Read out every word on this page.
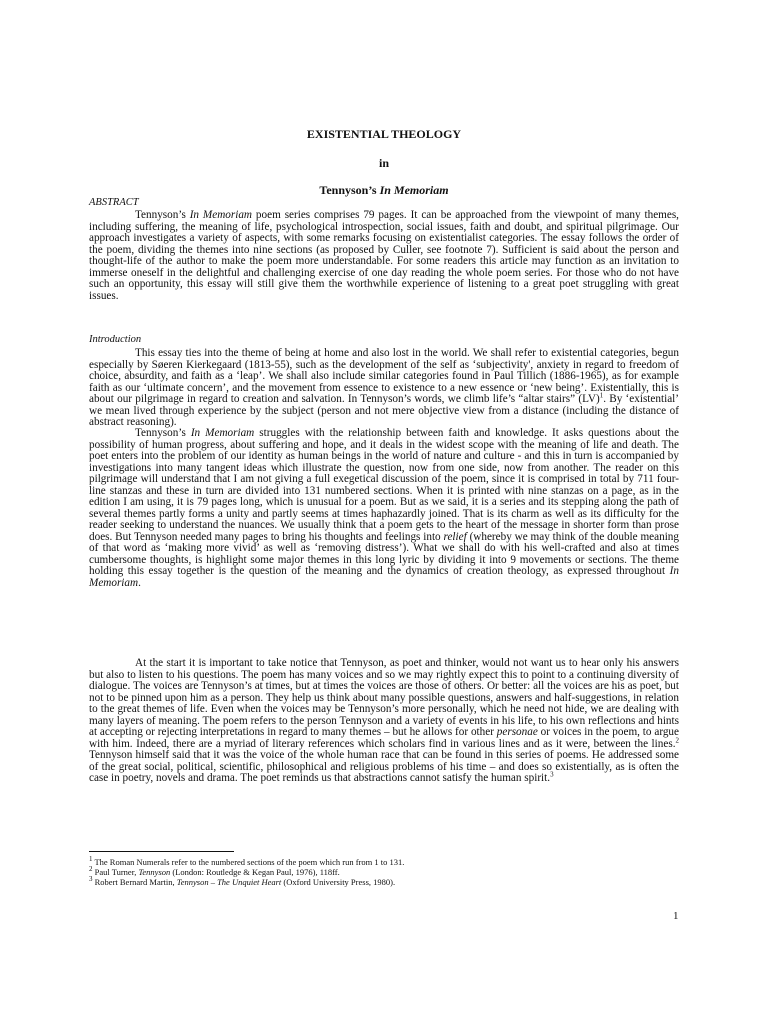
EXISTENTIAL THEOLOGY
in
Tennyson’s In Memoriam
ABSTRACT

Tennyson’s In Memoriam poem series comprises 79 pages. It can be approached from the viewpoint of many themes, including suffering, the meaning of life, psychological introspection, social issues, faith and doubt, and spiritual pilgrimage. Our approach investigates a variety of aspects, with some remarks focusing on existentialist categories. The essay follows the order of the poem, dividing the themes into nine sections (as proposed by Culler, see footnote 7). Sufficient is said about the person and thought-life of the author to make the poem more understandable. For some readers this article may function as an invitation to immerse oneself in the delightful and challenging exercise of one day reading the whole poem series. For those who do not have such an opportunity, this essay will still give them the worthwhile experience of listening to a great poet struggling with great issues.

Introduction

This essay ties into the theme of being at home and also lost in the world. We shall refer to existential categories, begun especially by Søeren Kierkegaard (1813-55), such as the development of the self as ‘subjectivity', anxiety in regard to freedom of choice, absurdity, and faith as a ‘leap’. We shall also include similar categories found in Paul Tillich (1886-1965), as for example faith as our ‘ultimate concern’, and the movement from essence to existence to a new essence or ‘new being’. Existentially, this is about our pilgrimage in regard to creation and salvation. In Tennyson’s words, we climb life’s “altar stairs” (LV)$^1$. By ‘existential’ we mean lived through experience by the subject (person and not mere objective view from a distance (including the distance of abstract reasoning).

Tennyson’s In Memoriam struggles with the relationship between faith and knowledge. It asks questions about the possibility of human progress, about suffering and hope, and it deals in the widest scope with the meaning of life and death. The poet enters into the problem of our identity as human beings in the world of nature and culture - and this in turn is accompanied by investigations into many tangent ideas which illustrate the question, now from one side, now from another. The reader on this pilgrimage will understand that I am not giving a full exegetical discussion of the poem, since it is comprised in total by 711 four-line stanzas and these in turn are divided into 131 numbered sections. When it is printed with nine stanzas on a page, as in the edition I am using, it is 79 pages long, which is unusual for a poem. But as we said, it is a series and its stepping along the path of several themes partly forms a unity and partly seems at times haphazardly joined. That is its charm as well as its difficulty for the reader seeking to understand the nuances. We usually think that a poem gets to the heart of the message in shorter form than prose does. But Tennyson needed many pages to bring his thoughts and feelings into relief (whereby we may think of the double meaning of that word as ‘making more vivid’ as well as ‘removing distress’). What we shall do with his well-crafted and also at times cumbersome thoughts, is highlight some major themes in this long lyric by dividing it into 9 movements or sections. The theme holding this essay together is the question of the meaning and the dynamics of creation theology, as expressed throughout In Memoriam.

At the start it is important to take notice that Tennyson, as poet and thinker, would not want us to hear only his answers but also to listen to his questions. The poem has many voices and so we may rightly expect this to point to a continuing diversity of dialogue. The voices are Tennyson’s at times, but at times the voices are those of others. Or better: all the voices are his as poet, but not to be pinned upon him as a person. They help us think about many possible questions, answers and half-suggestions, in relation to the great themes of life. Even when the voices may be Tennyson’s more personally, which he need not hide, we are dealing with many layers of meaning. The poem refers to the person Tennyson and a variety of events in his life, to his own reflections and hints at accepting or rejecting interpretations in regard to many themes – but he allows for other personae or voices in the poem, to argue with him. Indeed, there are a myriad of literary references which scholars find in various lines and as it were, between the lines.$^2$ Tennyson himself said that it was the voice of the whole human race that can be found in this series of poems. He addressed some of the great social, political, scientific, philosophical and religious problems of his time – and does so existentially, as is often the case in poetry, novels and drama. The poet reminds us that abstractions cannot satisfy the human spirit.$^3$

$^1$ The Roman Numerals refer to the numbered sections of the poem which run from 1 to 131.
$^2$ Paul Turner, Tennyson (London: Routledge & Kegan Paul, 1976), 118ff.
$^3$ Robert Bernard Martin, Tennyson – The Unquiet Heart (Oxford University Press, 1980).
1
